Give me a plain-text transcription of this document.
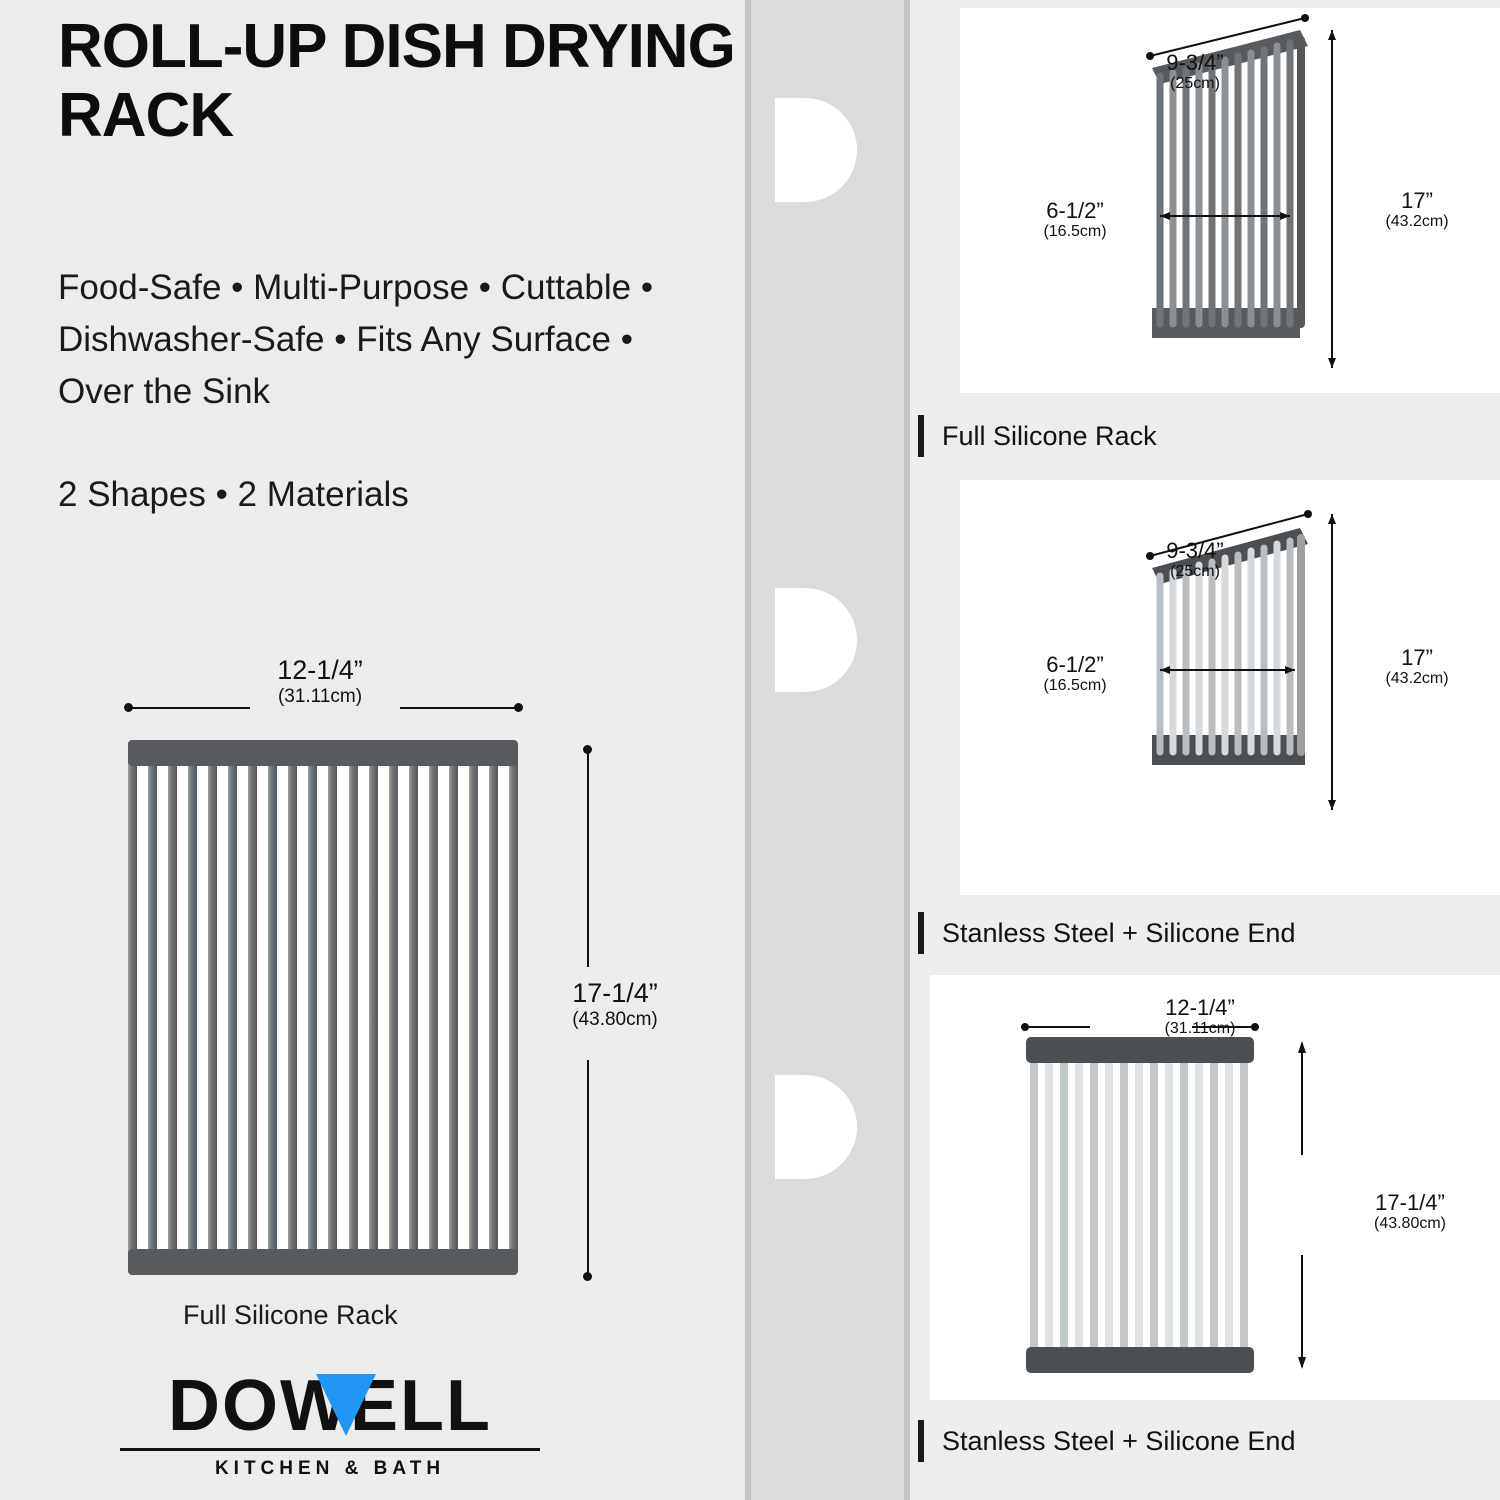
ROLL-UP DISH DRYING RACK
Food-Safe • Multi-Purpose • Cuttable • Dishwasher-Safe • Fits Any Surface • Over the Sink
2 Shapes • 2 Materials
12-1/4”
(31.11cm)
17-1/4”
(43.80cm)
Full Silicone Rack
DOWELL
KITCHEN & BATH
9-3/4”
(25cm)
6-1/2”
(16.5cm)
17”
(43.2cm)
Full Silicone Rack
9-3/4”
(25cm)
6-1/2”
(16.5cm)
17”
(43.2cm)
Stanless Steel + Silicone End
12-1/4”
(31.11cm)
17-1/4”
(43.80cm)
Stanless Steel + Silicone End
